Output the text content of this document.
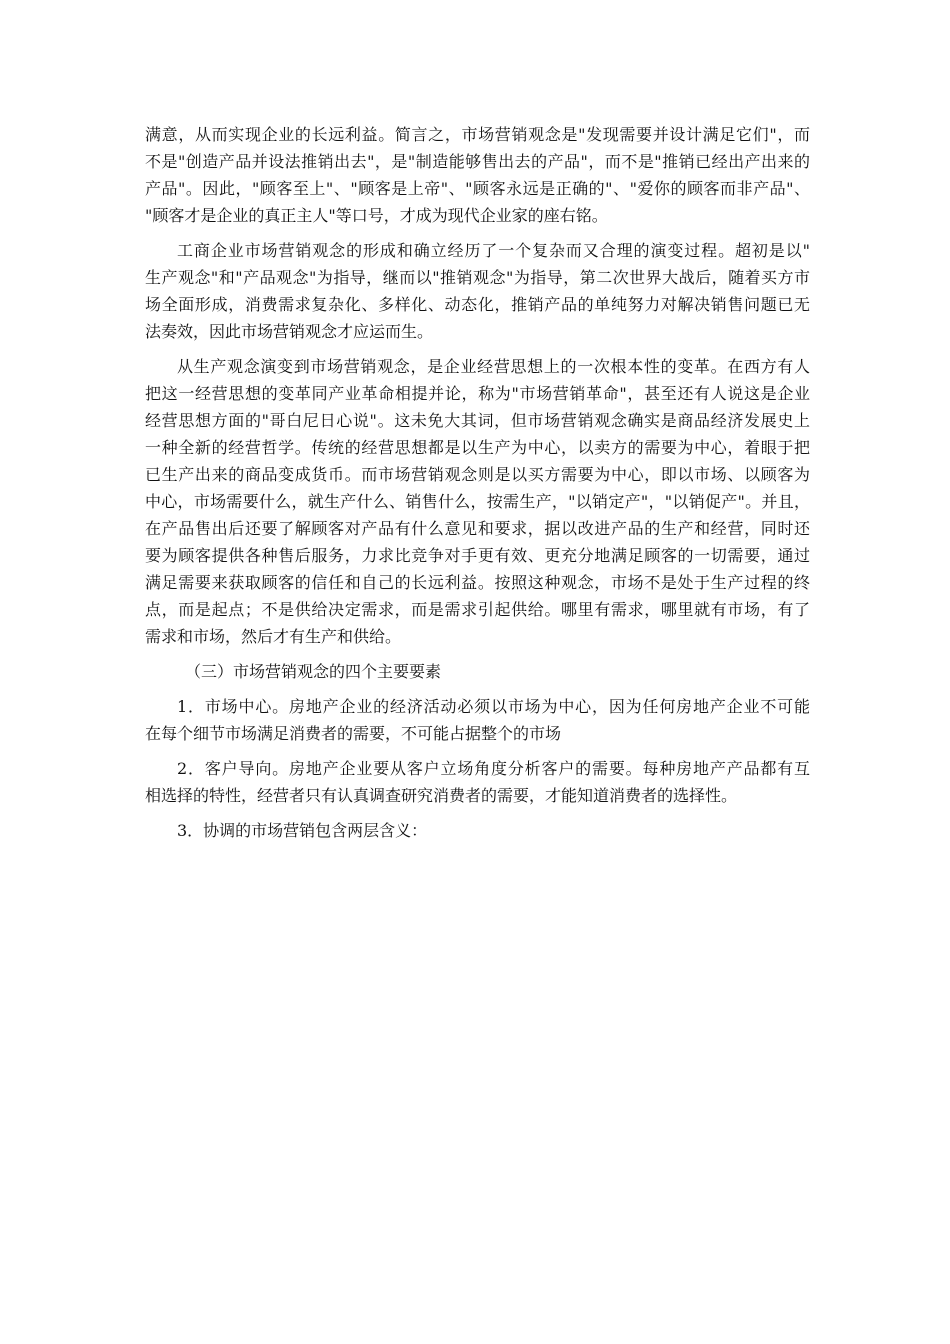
满意，从而实现企业的长远利益。简言之，市场营销观念是"发现需要并设计满足它们"，而
不是"创造产品并设法推销出去"，是"制造能够售出去的产品"，而不是"推销已经出产出来的
产品"。因此，"顾客至上"、"顾客是上帝"、"顾客永远是正确的"、"爱你的顾客而非产品"、
"顾客才是企业的真正主人"等口号，才成为现代企业家的座右铭。
工商企业市场营销观念的形成和确立经历了一个复杂而又合理的演变过程。超初是以"
生产观念"和"产品观念"为指导，继而以"推销观念"为指导，第二次世界大战后，随着买方市
场全面形成，消费需求复杂化、多样化、动态化，推销产品的单纯努力对解决销售问题已无
法奏效，因此市场营销观念才应运而生。
从生产观念演变到市场营销观念，是企业经营思想上的一次根本性的变革。在西方有人
把这一经营思想的变革同产业革命相提并论，称为"市场营销革命"，甚至还有人说这是企业
经营思想方面的"哥白尼日心说"。这未免大其词，但市场营销观念确实是商品经济发展史上
一种全新的经营哲学。传统的经营思想都是以生产为中心，以卖方的需要为中心，着眼于把
已生产出来的商品变成货币。而市场营销观念则是以买方需要为中心，即以市场、以顾客为
中心，市场需要什么，就生产什么、销售什么，按需生产，"以销定产"，"以销促产"。并且，
在产品售出后还要了解顾客对产品有什么意见和要求，据以改进产品的生产和经营，同时还
要为顾客提供各种售后服务，力求比竞争对手更有效、更充分地满足顾客的一切需要，通过
满足需要来获取顾客的信任和自己的长远利益。按照这种观念，市场不是处于生产过程的终
点，而是起点；不是供给决定需求，而是需求引起供给。哪里有需求，哪里就有市场，有了
需求和市场，然后才有生产和供给。
（三）市场营销观念的四个主要要素
1．市场中心。房地产企业的经济活动必须以市场为中心，因为任何房地产企业不可能
在每个细节市场满足消费者的需要，不可能占据整个的市场
2．客户导向。房地产企业要从客户立场角度分析客户的需要。每种房地产产品都有互
相选择的特性，经营者只有认真调查研究消费者的需要，才能知道消费者的选择性。
3．协调的市场营销包含两层含义：
